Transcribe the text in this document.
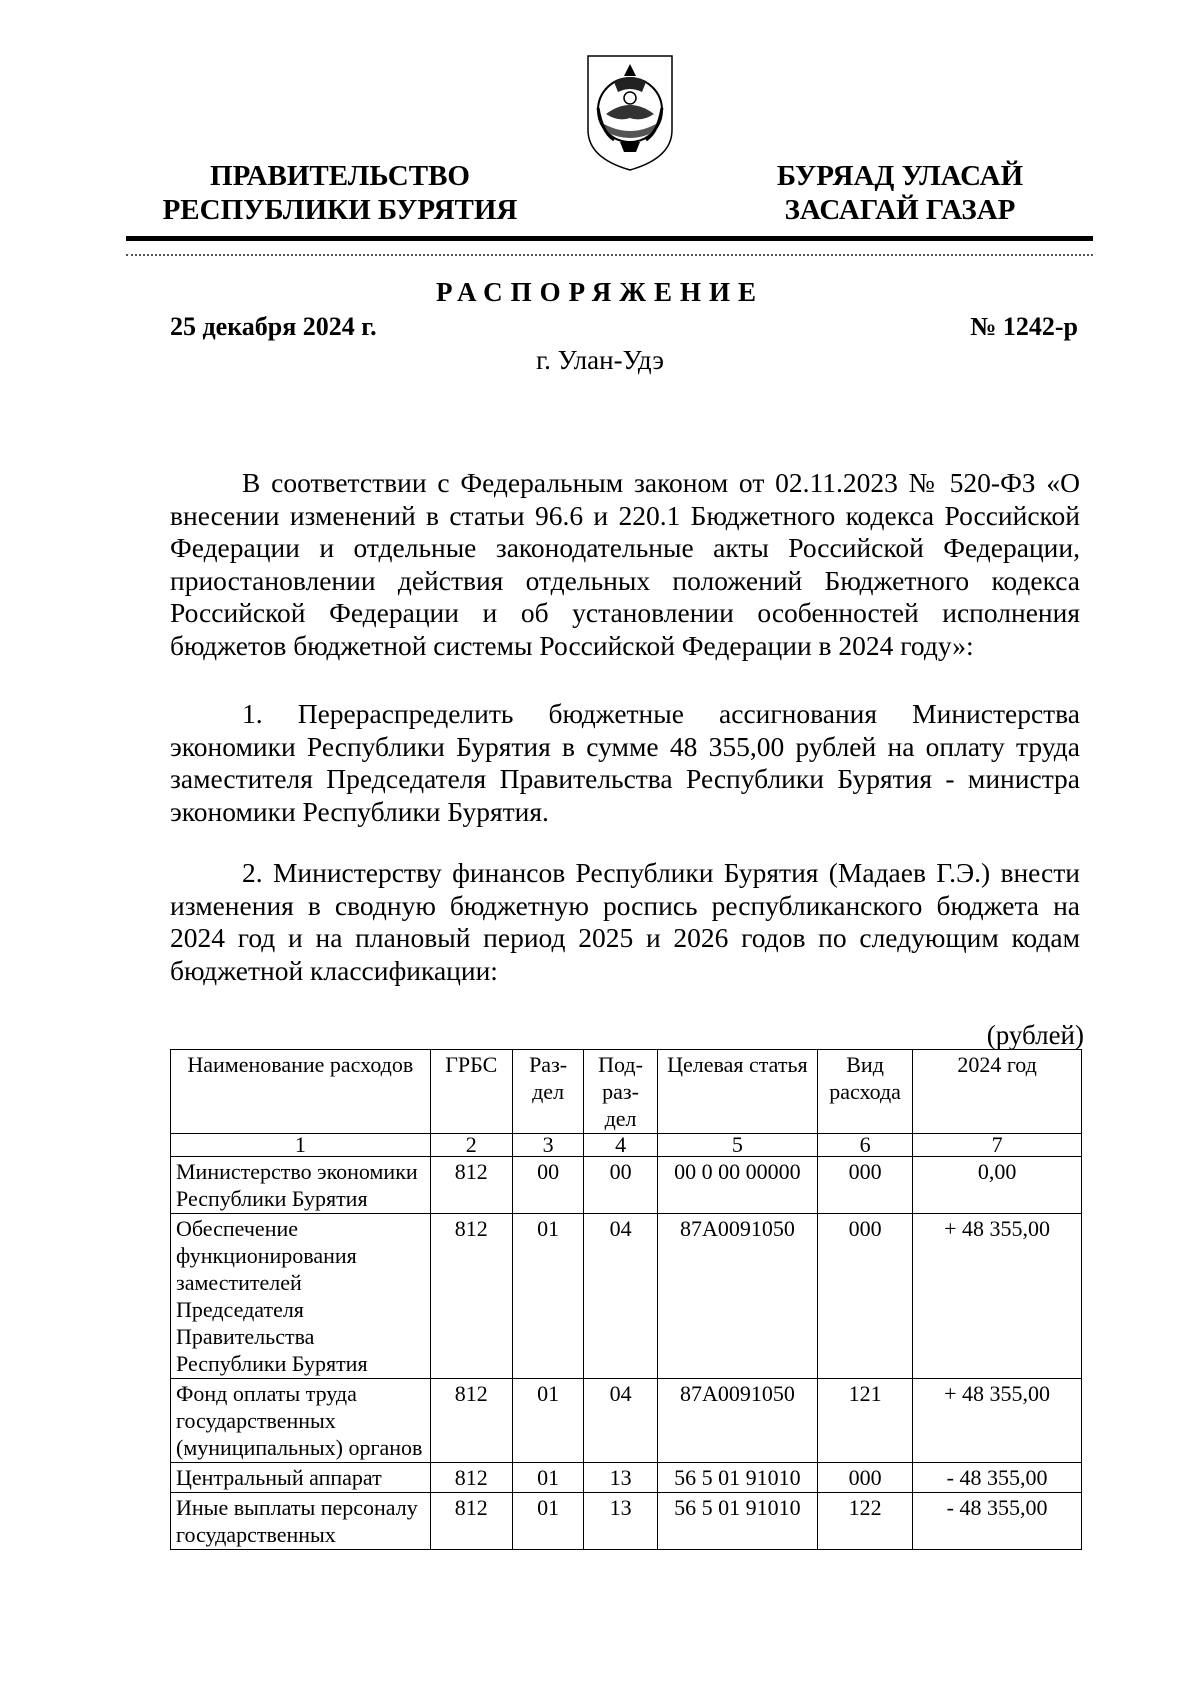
ПРАВИТЕЛЬСТВО
РЕСПУБЛИКИ БУРЯТИЯ
БУРЯАД УЛАСАЙ
ЗАСАГАЙ ГАЗАР
РАСПОРЯЖЕНИЕ
25 декабря 2024 г.	№ 1242-р
г. Улан-Удэ

В соответствии с Федеральным законом от 02.11.2023 № 520-ФЗ «О внесении изменений в статьи 96.6 и 220.1 Бюджетного кодекса Российской Федерации и отдельные законодательные акты Российской Федерации, приостановлении действия отдельных положений Бюджетного кодекса Российской Федерации и об установлении особенностей исполнения бюджетов бюджетной системы Российской Федерации в 2024 году»:

1. Перераспределить бюджетные ассигнования Министерства экономики Республики Бурятия в сумме 48 355,00 рублей на оплату труда заместителя Председателя Правительства Республики Бурятия - министра экономики Республики Бурятия.

2. Министерству финансов Республики Бурятия (Мадаев Г.Э.) внести изменения в сводную бюджетную роспись республиканского бюджета на 2024 год и на плановый период 2025 и 2026 годов по следующим кодам бюджетной классификации:

(рублей)
Наименование расходов	ГРБС	Раз-дел	Под-раз-дел	Целевая статья	Вид расхода	2024 год
1	2	3	4	5	6	7
Министерство экономики Республики Бурятия	812	00	00	00 0 00 00000	000	0,00
Обеспечение функционирования заместителей Председателя Правительства Республики Бурятия	812	01	04	87А0091050	000	+ 48 355,00
Фонд оплаты труда государственных (муниципальных) органов	812	01	04	87А0091050	121	+ 48 355,00
Центральный аппарат	812	01	13	56 5 01 91010	000	- 48 355,00
Иные выплаты персоналу государственных	812	01	13	56 5 01 91010	122	- 48 355,00
